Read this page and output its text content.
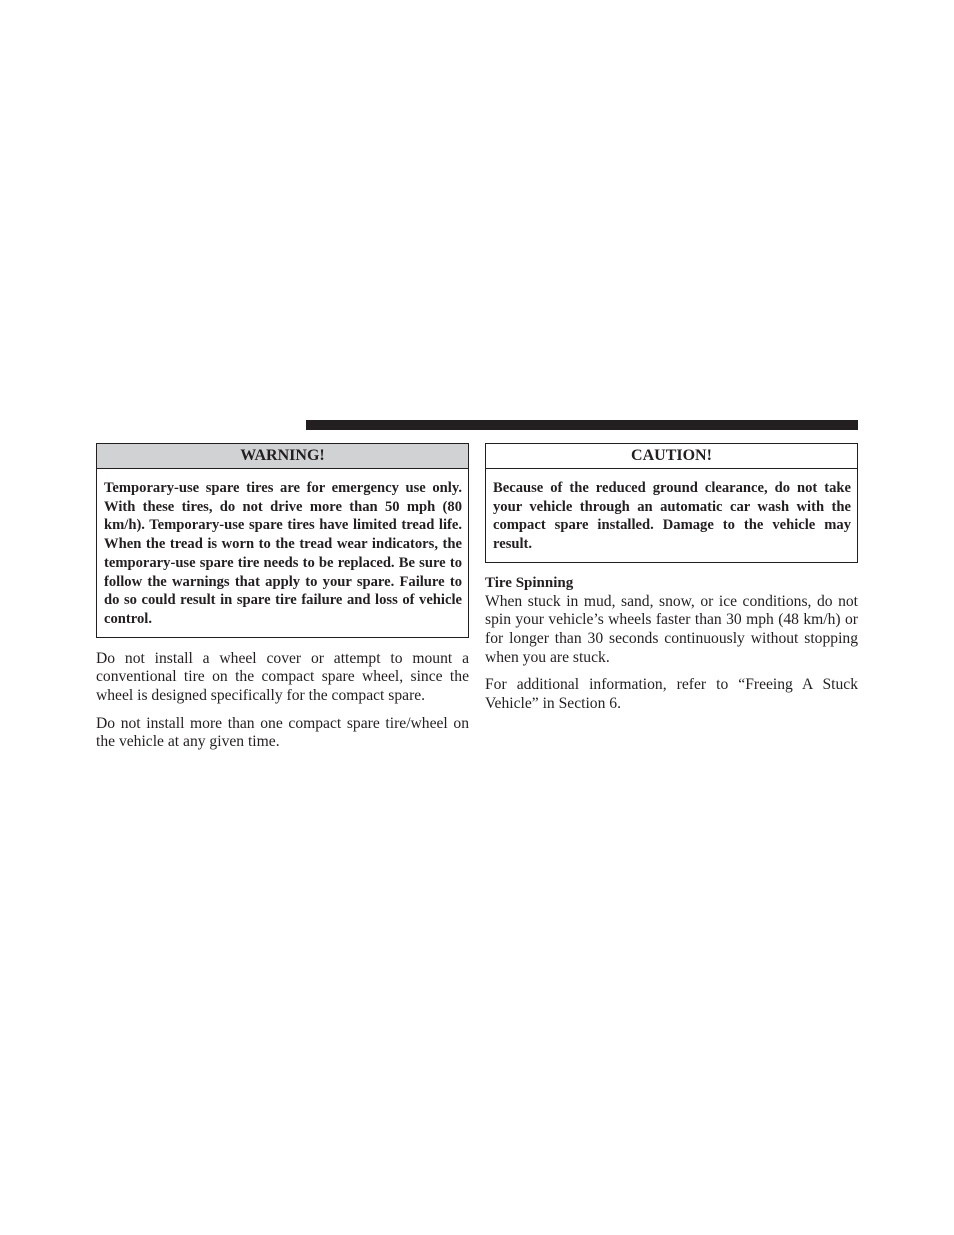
WARNING!
Temporary-use spare tires are for emergency use only. With these tires, do not drive more than 50 mph (80 km/h). Temporary-use spare tires have limited tread life. When the tread is worn to the tread wear indicators, the temporary-use spare tire needs to be replaced. Be sure to follow the warnings that apply to your spare. Failure to do so could result in spare tire failure and loss of vehicle control.

Do not install a wheel cover or attempt to mount a conventional tire on the compact spare wheel, since the wheel is designed specifically for the compact spare.

Do not install more than one compact spare tire/wheel on the vehicle at any given time.

CAUTION!
Because of the reduced ground clearance, do not take your vehicle through an automatic car wash with the compact spare installed. Damage to the vehicle may result.
Tire Spinning

When stuck in mud, sand, snow, or ice conditions, do not spin your vehicle’s wheels faster than 30 mph (48 km/h) or for longer than 30 seconds continuously without stopping when you are stuck.

For additional information, refer to “Freeing A Stuck Vehicle” in Section 6.
